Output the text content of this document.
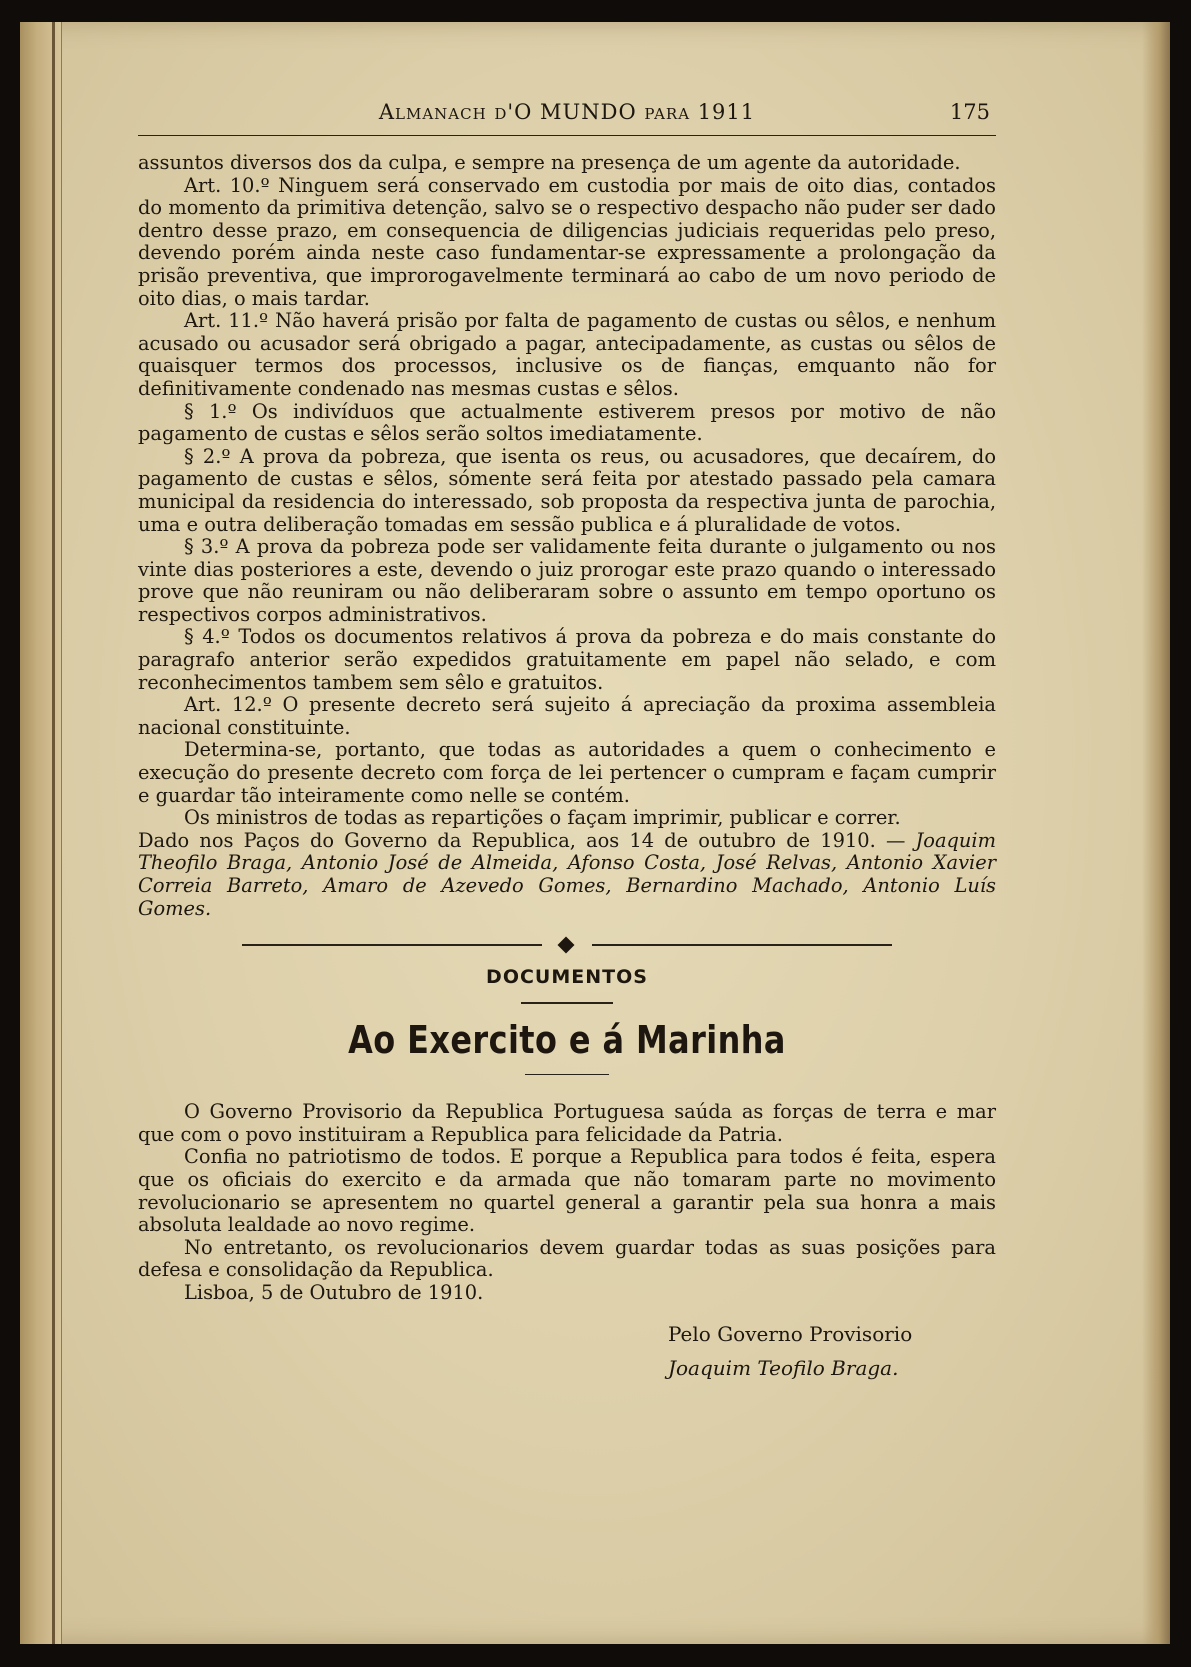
Almanach d'O MUNDO para 1911	175

assuntos diversos dos da culpa, e sempre na presença de um agente da autoridade.

Art. 10.º Ninguem será conservado em custodia por mais de oito dias, contados do momento da primitiva detenção, salvo se o respectivo despacho não puder ser dado dentro desse prazo, em consequencia de diligencias judiciais requeridas pelo preso, devendo porém ainda neste caso fundamentar-se expressamente a prolongação da prisão preventiva, que improrogavelmente terminará ao cabo de um novo periodo de oito dias, o mais tardar.

Art. 11.º Não haverá prisão por falta de pagamento de custas ou sêlos, e nenhum acusado ou acusador será obrigado a pagar, antecipadamente, as custas ou sêlos de quaisquer termos dos processos, inclusive os de fianças, emquanto não for definitivamente condenado nas mesmas custas e sêlos.

§ 1.º Os indivíduos que actualmente estiverem presos por motivo de não pagamento de custas e sêlos serão soltos imediatamente.

§ 2.º A prova da pobreza, que isenta os reus, ou acusadores, que decaírem, do pagamento de custas e sêlos, sómente será feita por atestado passado pela camara municipal da residencia do interessado, sob proposta da respectiva junta de parochia, uma e outra deliberação tomadas em sessão publica e á pluralidade de votos.

§ 3.º A prova da pobreza pode ser validamente feita durante o julgamento ou nos vinte dias posteriores a este, devendo o juiz prorogar este prazo quando o interessado prove que não reuniram ou não deliberaram sobre o assunto em tempo oportuno os respectivos corpos administrativos.

§ 4.º Todos os documentos relativos á prova da pobreza e do mais constante do paragrafo anterior serão expedidos gratuitamente em papel não selado, e com reconhecimentos tambem sem sêlo e gratuitos.

Art. 12.º O presente decreto será sujeito á apreciação da proxima assembleia nacional constituinte.

Determina-se, portanto, que todas as autoridades a quem o conhecimento e execução do presente decreto com força de lei pertencer o cumpram e façam cumprir e guardar tão inteiramente como nelle se contém.

Os ministros de todas as repartições o façam imprimir, publicar e correr.

Dado nos Paços do Governo da Republica, aos 14 de outubro de 1910. — Joaquim Theofilo Braga, Antonio José de Almeida, Afonso Costa, José Relvas, Antonio Xavier Correia Barreto, Amaro de Azevedo Gomes, Bernardino Machado, Antonio Luís Gomes.

DOCUMENTOS
Ao Exercito e á Marinha

O Governo Provisorio da Republica Portuguesa saúda as forças de terra e mar que com o povo instituiram a Republica para felicidade da Patria.

Confia no patriotismo de todos. E porque a Republica para todos é feita, espera que os oficiais do exercito e da armada que não tomaram parte no movimento revolucionario se apresentem no quartel general a garantir pela sua honra a mais absoluta lealdade ao novo regime.

No entretanto, os revolucionarios devem guardar todas as suas posições para defesa e consolidação da Republica.

Lisboa, 5 de Outubro de 1910.

Pelo Governo Provisorio
Joaquim Teofilo Braga.
